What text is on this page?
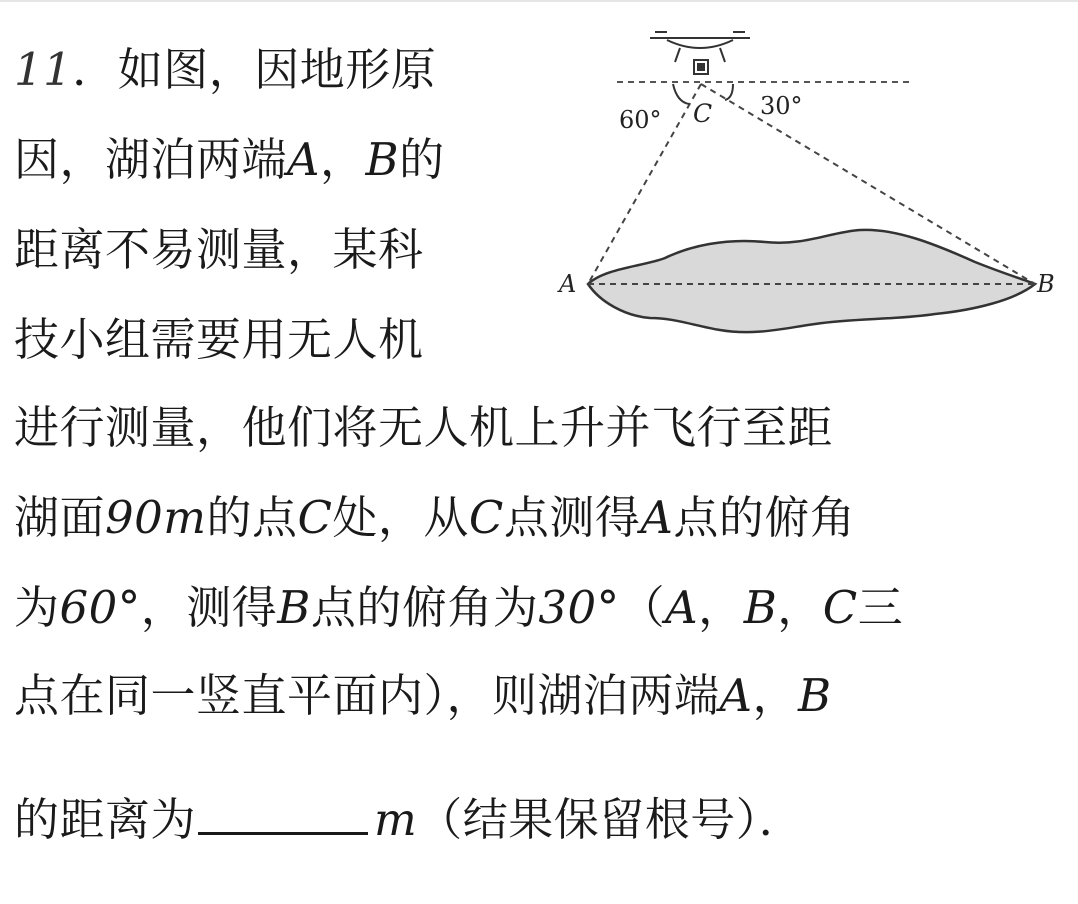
11．如图，因地形原
因，湖泊两端A，B的
距离不易测量，某科
技小组需要用无人机
进行测量，他们将无人机上升并飞行至距
湖面90m的点C处，从C点测得A点的俯角
为60°，测得B点的俯角为30°（A，B，C三
点在同一竖直平面内），则湖泊两端A，B
的距离为	m（结果保留根号）．
60° C 30°
A	B
